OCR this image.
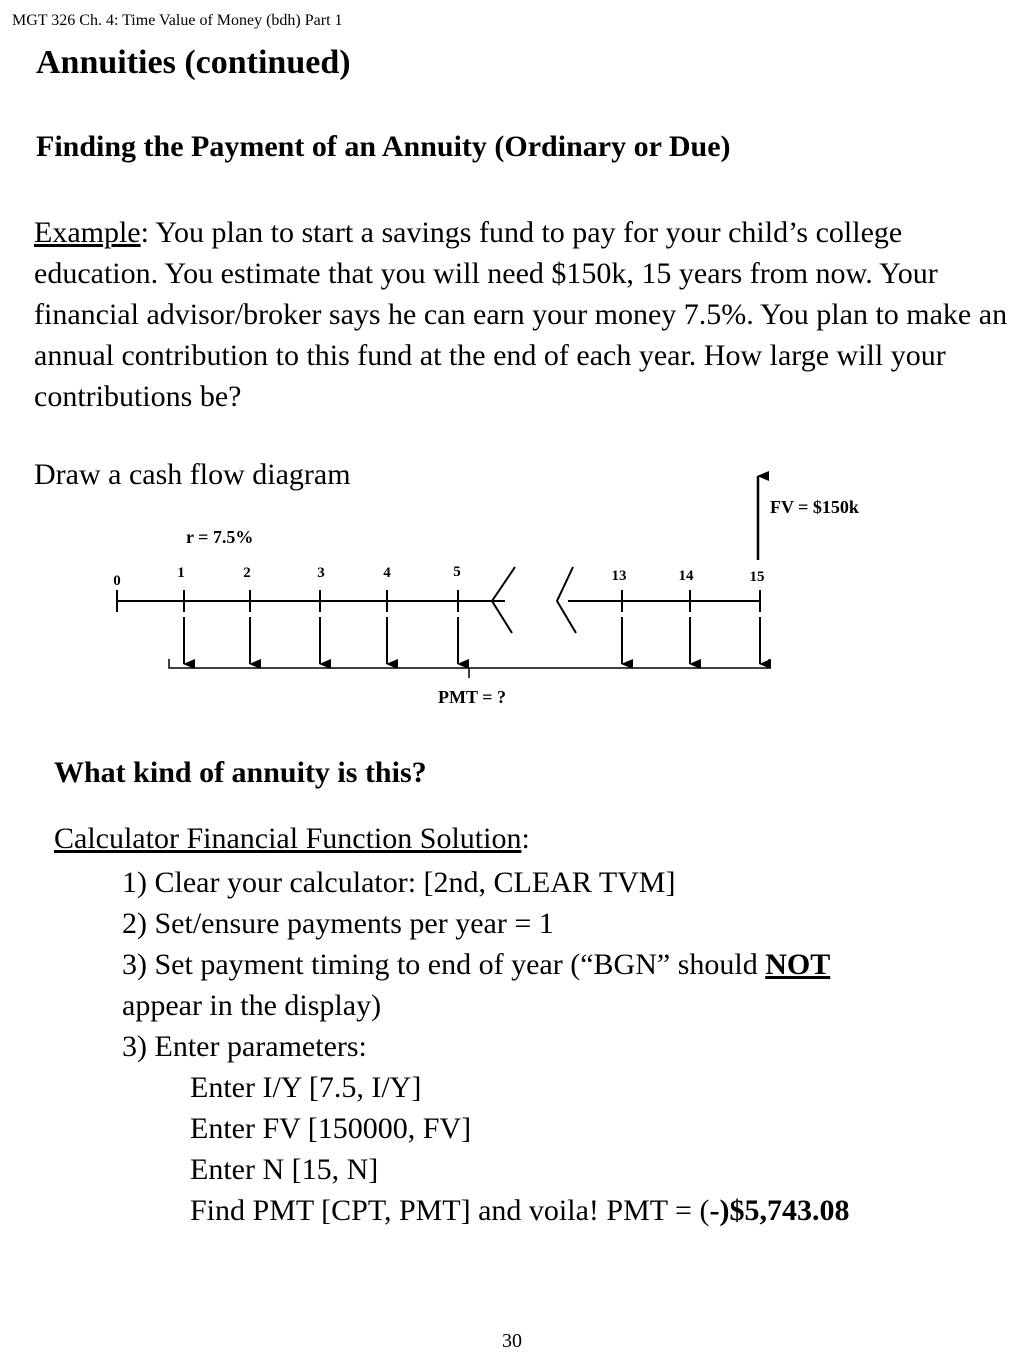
MGT 326 Ch. 4: Time Value of Money (bdh) Part 1
Annuities (continued)
Finding the Payment of an Annuity (Ordinary or Due)
Example: You plan to start a savings fund to pay for your child’s college education. You estimate that you will need $150k, 15 years from now. Your financial advisor/broker says he can earn your money 7.5%. You plan to make an annual contribution to this fund at the end of each year. How large will your contributions be?
Draw a cash flow diagram
0	1	2	3	4	5	13	14	15
r = 7.5%
FV = $150k
PMT = ?
What kind of annuity is this?
Calculator Financial Function Solution:
1) Clear your calculator: [2nd, CLEAR TVM]
2) Set/ensure payments per year = 1
3) Set payment timing to end of year (“BGN” should NOT
appear in the display)
3) Enter parameters:
Enter I/Y [7.5, I/Y]
Enter FV [150000, FV]
Enter N [15, N]
Find PMT [CPT, PMT] and voila! PMT = (-)$5,743.08
30
